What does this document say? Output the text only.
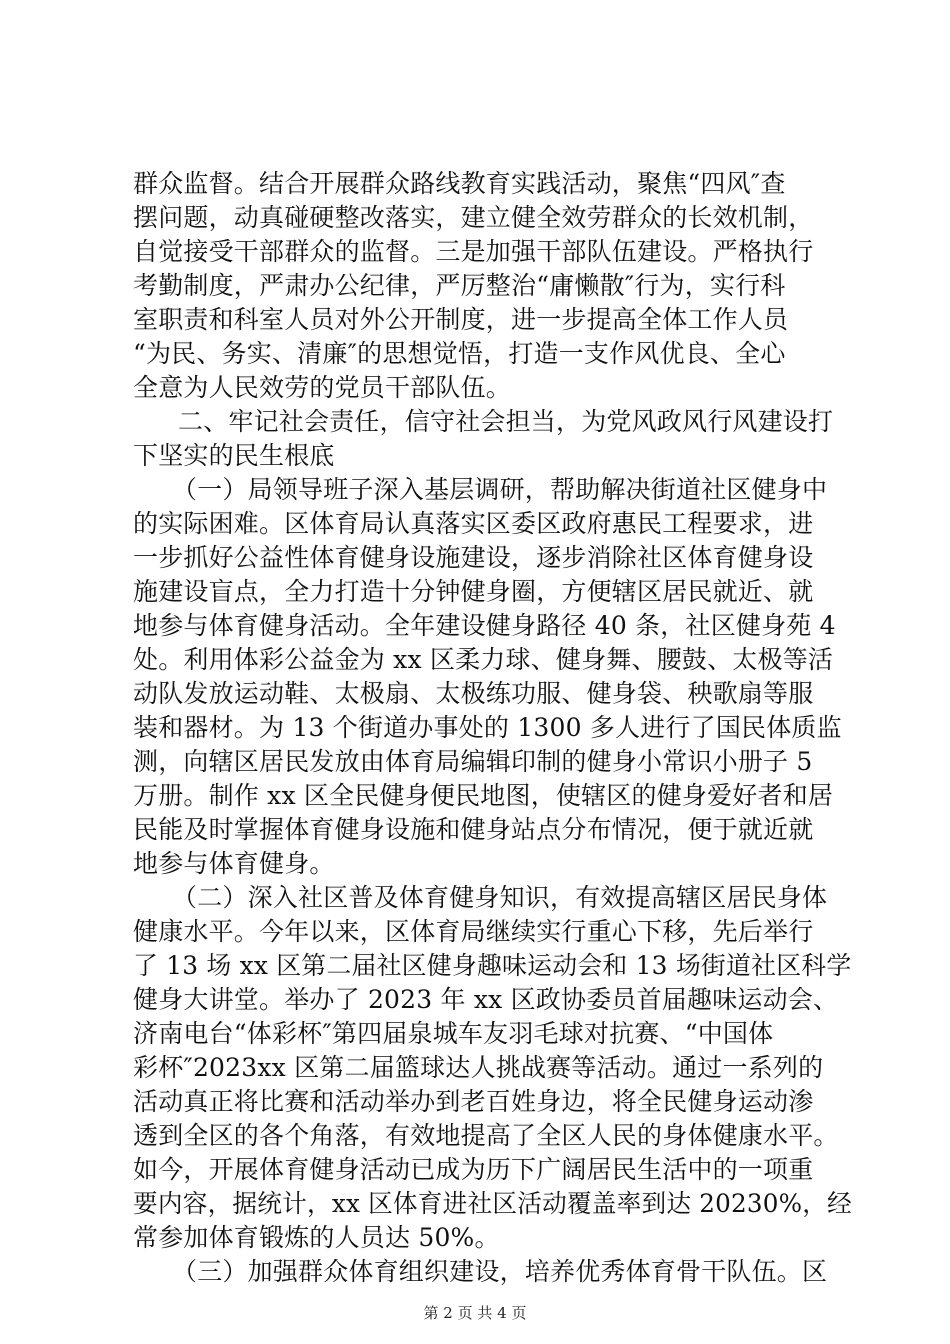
群众监督。结合开展群众路线教育实践活动，聚焦“四风″查
摆问题，动真碰硬整改落实，建立健全效劳群众的长效机制，
自觉接受干部群众的监督。三是加强干部队伍建设。严格执行
考勤制度，严肃办公纪律，严厉整治“庸懒散″行为，实行科
室职责和科室人员对外公开制度，进一步提高全体工作人员
“为民、务实、清廉″的思想觉悟，打造一支作风优良、全心
全意为人民效劳的党员干部队伍。
二、牢记社会责任，信守社会担当，为党风政风行风建设打
下坚实的民生根底
（一）局领导班子深入基层调研，帮助解决街道社区健身中
的实际困难。区体育局认真落实区委区政府惠民工程要求，进
一步抓好公益性体育健身设施建设，逐步消除社区体育健身设
施建设盲点，全力打造十分钟健身圈，方便辖区居民就近、就
地参与体育健身活动。全年建设健身路径 40 条，社区健身苑 4
处。利用体彩公益金为 xx 区柔力球、健身舞、腰鼓、太极等活
动队发放运动鞋、太极扇、太极练功服、健身袋、秧歌扇等服
装和器材。为 13 个街道办事处的 1300 多人进行了国民体质监
测，向辖区居民发放由体育局编辑印制的健身小常识小册子 5
万册。制作 xx 区全民健身便民地图，使辖区的健身爱好者和居
民能及时掌握体育健身设施和健身站点分布情况，便于就近就
地参与体育健身。
（二）深入社区普及体育健身知识，有效提高辖区居民身体
健康水平。今年以来，区体育局继续实行重心下移，先后举行
了 13 场 xx 区第二届社区健身趣味运动会和 13 场街道社区科学
健身大讲堂。举办了 2023 年 xx 区政协委员首届趣味运动会、
济南电台“体彩杯″第四届泉城车友羽毛球对抗赛、“中国体
彩杯″2023xx 区第二届篮球达人挑战赛等活动。通过一系列的
活动真正将比赛和活动举办到老百姓身边，将全民健身运动渗
透到全区的各个角落，有效地提高了全区人民的身体健康水平。
如今，开展体育健身活动已成为历下广阔居民生活中的一项重
要内容，据统计，xx 区体育进社区活动覆盖率到达 20230%，经
常参加体育锻炼的人员达 50%。
（三）加强群众体育组织建设，培养优秀体育骨干队伍。区
第 2 页 共 4 页
